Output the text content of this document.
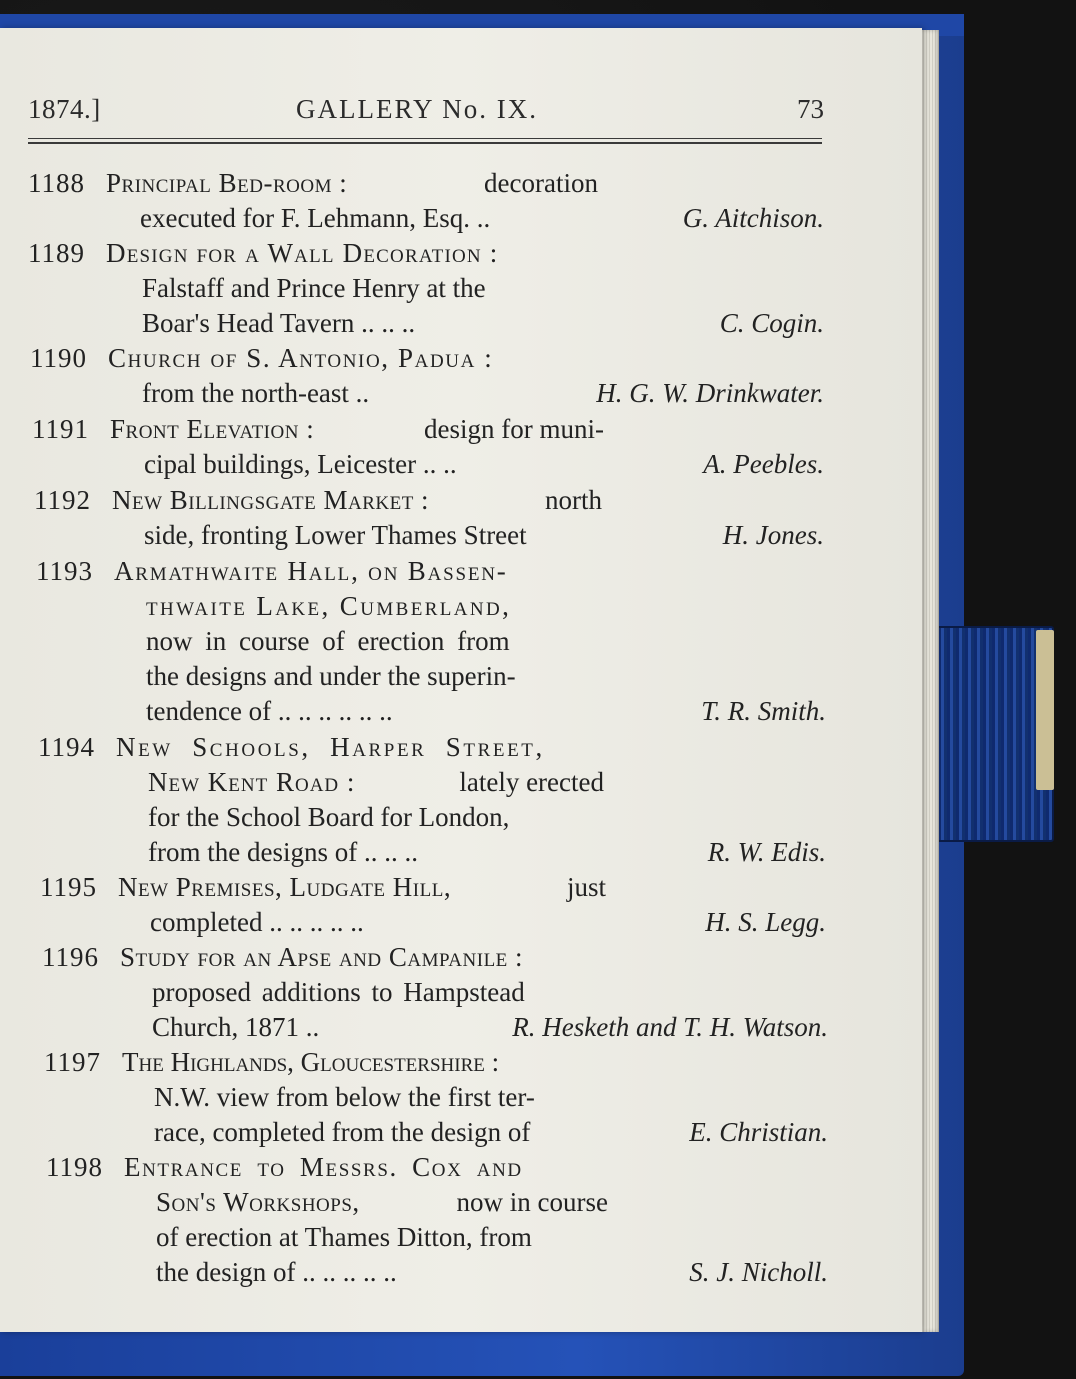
1874.]	GALLERY No. IX.	73
1188 Principal Bed-room :	decoration
executed for F. Lehmann, Esq. ..	G. Aitchison.
1189 Design for a Wall Decoration :
Falstaff and Prince Henry at the
Boar's Head Tavern .. .. ..	C. Cogin.
1190 Church of S. Antonio, Padua :
from the north-east ..	H. G. W. Drinkwater.
1191 Front Elevation :	design for muni-
cipal buildings, Leicester .. ..	A. Peebles.
1192 New Billingsgate Market :	north
side, fronting Lower Thames Street	H. Jones.
1193 Armathwaite Hall, on Bassen-
thwaite Lake, Cumberland,
now in course of erection from
the designs and under the superin-
tendence of .. .. .. .. .. ..	T. R. Smith.
1194 New Schools, Harper Street,
New Kent Road :	lately erected
for the School Board for London,
from the designs of .. .. ..	R. W. Edis.
1195 New Premises, Ludgate Hill,	just
completed .. .. .. .. ..	H. S. Legg.
1196 Study for an Apse and Campanile :
proposed additions to Hampstead
Church, 1871 ..	R. Hesketh and T. H. Watson.
1197 The Highlands, Gloucestershire :
N.W. view from below the first ter-
race, completed from the design of	E. Christian.
1198 Entrance to Messrs. Cox and
Son's Workshops,	now in course
of erection at Thames Ditton, from
the design of .. .. .. .. ..	S. J. Nicholl.
